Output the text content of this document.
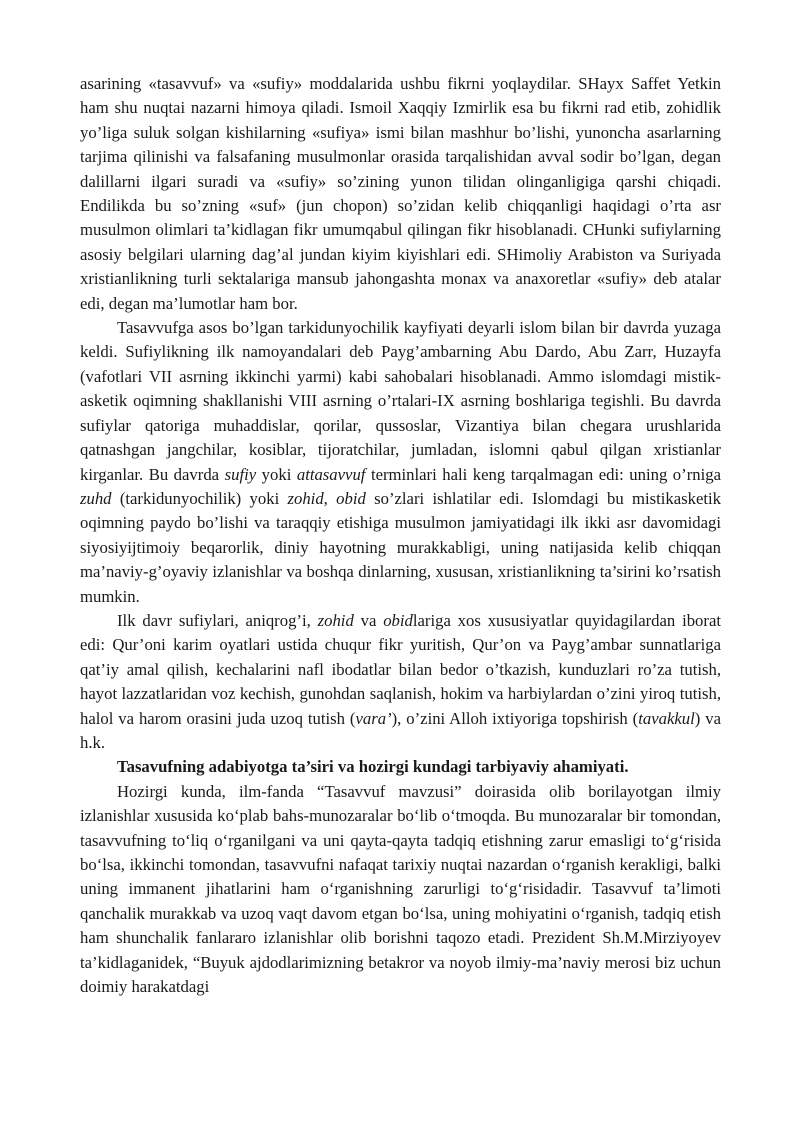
asarining «tasavvuf» va «sufiy» moddalarida ushbu fikrni yoqlaydilar. SHayx Saffet Yetkin ham shu nuqtai nazarni himoya qiladi. Ismoil Xaqqiy Izmirlik esa bu fikrni rad etib, zohidlik yo’liga suluk solgan kishilarning «sufiya» ismi bilan mashhur bo’lishi, yunoncha asarlarning tarjima qilinishi va falsafaning musulmonlar orasida tarqalishidan avval sodir bo’lgan, degan dalillarni ilgari suradi va «sufiy» so’zining yunon tilidan olinganligiga qarshi chiqadi. Endilikda bu so’zning «suf» (jun chopon) so’zidan kelib chiqqanligi haqidagi o’rta asr musulmon olimlari ta’kidlagan fikr umumqabul qilingan fikr hisoblanadi. CHunki sufiylarning asosiy belgilari ularning dag’al jundan kiyim kiyishlari edi. SHimoliy Arabiston va Suriyada xristianlikning turli sektalariga mansub jahongashta monax va anaxoretlar «sufiy» deb atalar edi, degan ma’lumotlar ham bor.

Tasavvufga asos bo’lgan tarkidunyochilik kayfiyati deyarli islom bilan bir davrda yuzaga keldi. Sufiylikning ilk namoyandalari deb Payg’ambarning Abu Dardo, Abu Zarr, Huzayfa (vafotlari VII asrning ikkinchi yarmi) kabi sahobalari hisoblanadi. Ammo islomdagi mistik-asketik oqimning shakllanishi VIII asrning o’rtalari-IX asrning boshlariga tegishli. Bu davrda sufiylar qatoriga muhaddislar, qorilar, qussoslar, Vizantiya bilan chegara urushlarida qatnashgan jangchilar, kosiblar, tijoratchilar, jumladan, islomni qabul qilgan xristianlar kirganlar. Bu davrda sufiy yoki attasavvuf terminlari hali keng tarqalmagan edi: uning o’rniga zuhd (tarkidunyochilik) yoki zohid, obid so’zlari ishlatilar edi. Islomdagi bu mistikasketik oqimning paydo bo’lishi va taraqqiy etishiga musulmon jamiyatidagi ilk ikki asr davomidagi siyosiyijtimoiy beqarorlik, diniy hayotning murakkabligi, uning natijasida kelib chiqqan ma’naviy-g’oyaviy izlanishlar va boshqa dinlarning, xususan, xristianlikning ta’sirini ko’rsatish mumkin.

Ilk davr sufiylari, aniqrog’i, zohid va obidlariga xos xususiyatlar quyidagilardan iborat edi: Qur’oni karim oyatlari ustida chuqur fikr yuritish, Qur’on va Payg’ambar sunnatlariga qat’iy amal qilish, kechalarini nafl ibodatlar bilan bedor o’tkazish, kunduzlari ro’za tutish, hayot lazzatlaridan voz kechish, gunohdan saqlanish, hokim va harbiylardan o’zini yiroq tutish, halol va harom orasini juda uzoq tutish (vara’), o’zini Alloh ixtiyoriga topshirish (tavakkul) va h.k.

Tasavufning adabiyotga ta’siri va hozirgi kundagi tarbiyaviy ahamiyati.

Hozirgi kunda, ilm-fanda “Tasavvuf mavzusi” doirasida olib borilayotgan ilmiy izlanishlar xususida ko‘plab bahs-munozaralar bo‘lib o‘tmoqda. Bu munozaralar bir tomondan, tasavvufning to‘liq o‘rganilgani va uni qayta-qayta tadqiq etishning zarur emasligi to‘g‘risida bo‘lsa, ikkinchi tomondan, tasavvufni nafaqat tarixiy nuqtai nazardan o‘rganish kerakligi, balki uning immanent jihatlarini ham o‘rganishning zarurligi to‘g‘risidadir. Tasavvuf ta’limoti qanchalik murakkab va uzoq vaqt davom etgan bo‘lsa, uning mohiyatini o‘rganish, tadqiq etish ham shunchalik fanlararo izlanishlar olib borishni taqozo etadi. Prezident Sh.M.Mirziyoyev ta’kidlaganidek, “Buyuk ajdodlarimizning betakror va noyob ilmiy-ma’naviy merosi biz uchun doimiy harakatdagi
